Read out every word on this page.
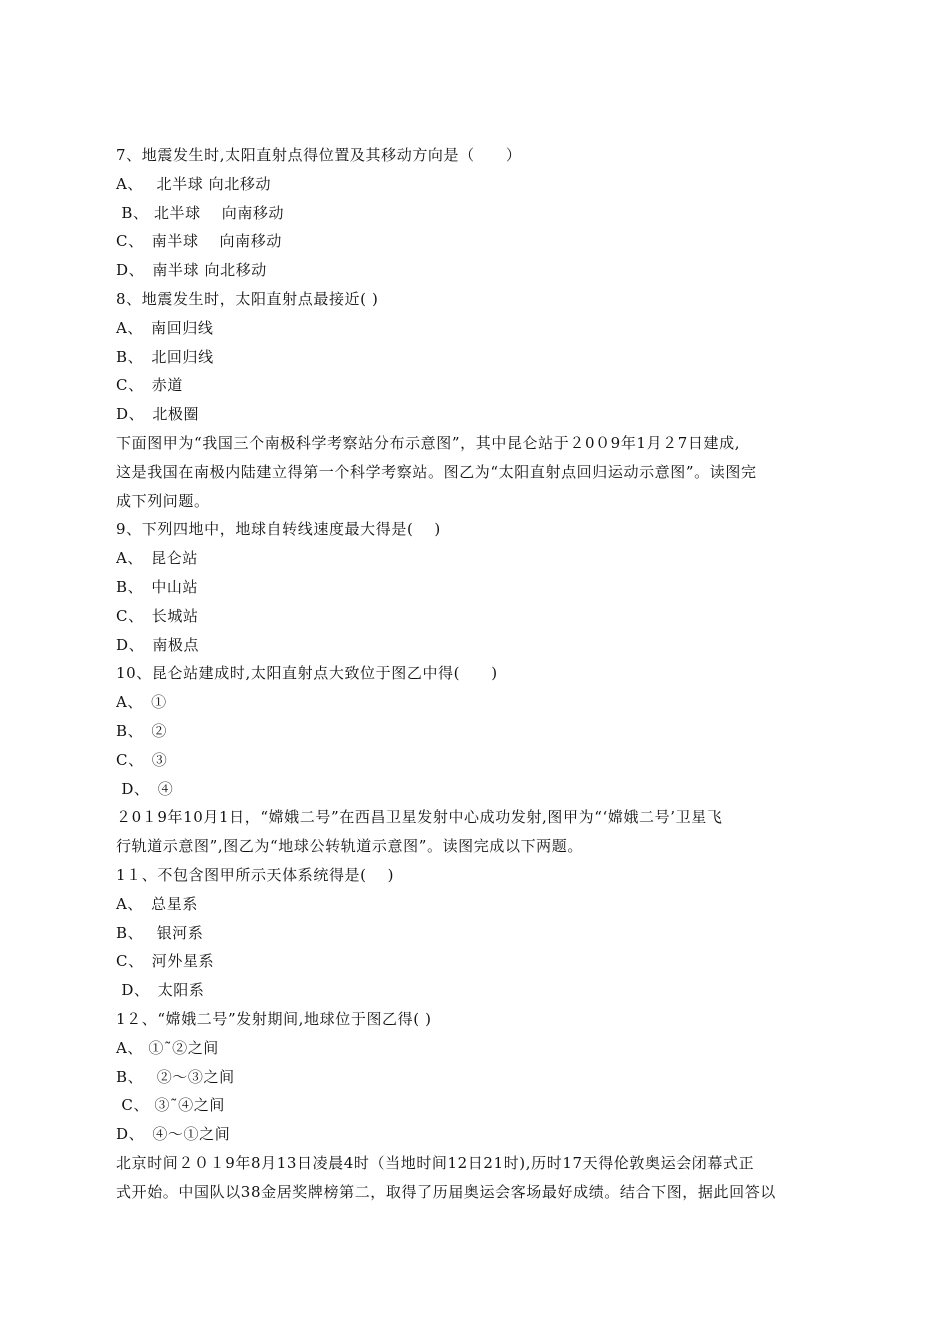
7、地震发生时,太阳直射点得位置及其移动方向是（　　）
A、　 北半球 向北移动
B、 北半球　 向南移动
C、　南半球　 向南移动
D、　南半球 向北移动
8、地震发生时，太阳直射点最接近( )
A、　南回归线
B、　北回归线
C、　赤道
D、　北极圈
下面图甲为“我国三个南极科学考察站分布示意图”，其中昆仑站于２0０9年1月２7日建成,
这是我国在南极内陆建立得第一个科学考察站。图乙为“太阳直射点回归运动示意图”。读图完
成下列问题。
9、下列四地中，地球自转线速度最大得是(　 )
A、　昆仑站
B、　中山站
C、　长城站
D、　南极点
10、昆仑站建成时,太阳直射点大致位于图乙中得(　　)
A、　①
B、　②
C、　③
D、　④
２0１9年10月1日，“嫦娥二号”在西昌卫星发射中心成功发射,图甲为“‘嫦娥二号’卫星飞
行轨道示意图”,图乙为“地球公转轨道示意图”。读图完成以下两题。
1１、不包含图甲所示天体系统得是(　 )
A、　总星系
B、　 银河系
C、　河外星系
D、　太阳系
1２、“嫦娥二号”发射期间,地球位于图乙得( )
A、 ①˜②之间
B、　 ②～③之间
C、 ③˜④之间
D、　④～①之间
北京时间２０１9年8月13日凌晨4时（当地时间12日21时),历时17天得伦敦奥运会闭幕式正
式开始。中国队以38金居奖牌榜第二，取得了历届奥运会客场最好成绩。结合下图，据此回答以
